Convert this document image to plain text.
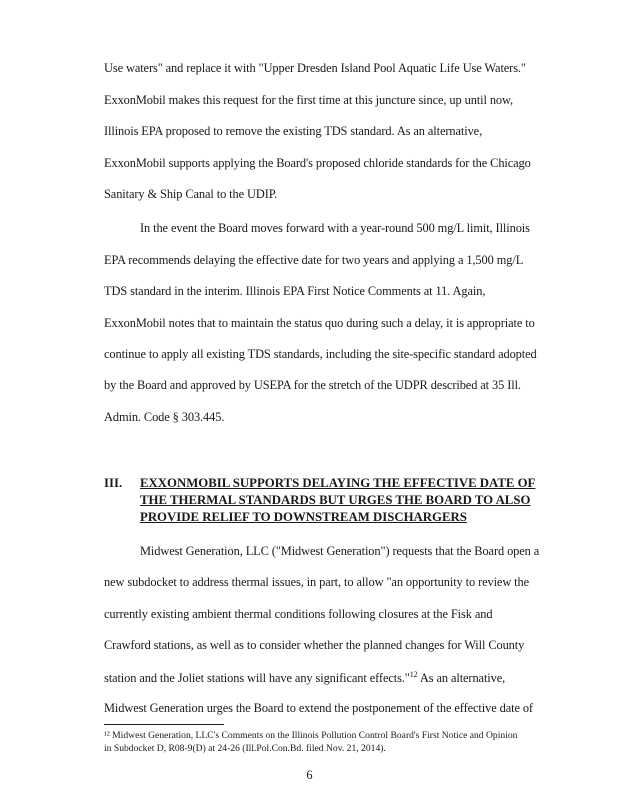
Use waters" and replace it with "Upper Dresden Island Pool Aquatic Life Use Waters."
ExxonMobil makes this request for the first time at this juncture since, up until now,
Illinois EPA proposed to remove the existing TDS standard. As an alternative,
ExxonMobil supports applying the Board's proposed chloride standards for the Chicago
Sanitary & Ship Canal to the UDIP.
In the event the Board moves forward with a year-round 500 mg/L limit, Illinois
EPA recommends delaying the effective date for two years and applying a 1,500 mg/L
TDS standard in the interim. Illinois EPA First Notice Comments at 11. Again,
ExxonMobil notes that to maintain the status quo during such a delay, it is appropriate to
continue to apply all existing TDS standards, including the site-specific standard adopted
by the Board and approved by USEPA for the stretch of the UDPR described at 35 Ill.
Admin. Code § 303.445.
III. EXXONMOBIL SUPPORTS DELAYING THE EFFECTIVE DATE OF
THE THERMAL STANDARDS BUT URGES THE BOARD TO ALSO
PROVIDE RELIEF TO DOWNSTREAM DISCHARGERS
Midwest Generation, LLC ("Midwest Generation") requests that the Board open a
new subdocket to address thermal issues, in part, to allow "an opportunity to review the
currently existing ambient thermal conditions following closures at the Fisk and
Crawford stations, as well as to consider whether the planned changes for Will County
station and the Joliet stations will have any significant effects."$^{12}$ As an alternative,
Midwest Generation urges the Board to extend the postponement of the effective date of
¹² Midwest Generation, LLC's Comments on the Illinois Pollution Control Board's First Notice and Opinion
in Subdocket D, R08-9(D) at 24-26 (Ill.Pol.Con.Bd. filed Nov. 21, 2014).
6
